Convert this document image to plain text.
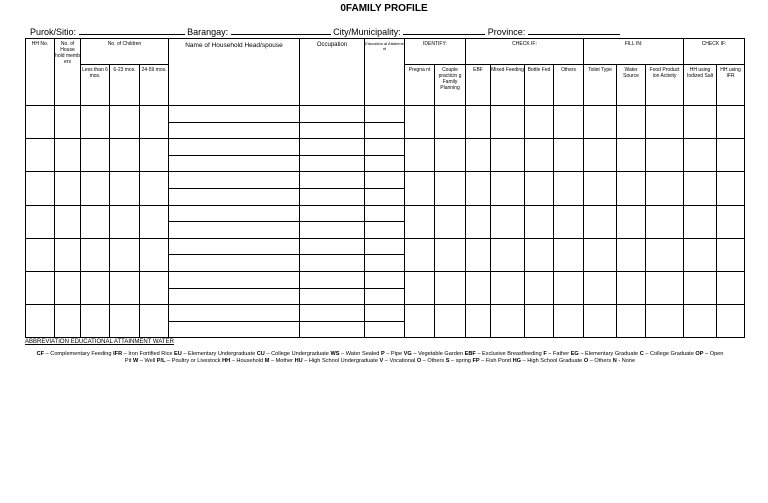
0FAMILY PROFILE
Purok/Sitio:	Barangay:	City/Municipality:	Province:
HH No.	No. of House hold memb ers	No. of Children			Name of Household Head/spouse	Occupation	Education al Attainme nt	IDENTIFY:		CHECK IF:				FILL IN:			CHECK IF:	
		Less than 6 mos.	6-23 mos.	24-59 mos.				Pregna nt	Couple practicin g Family Planning	EBF	Mixed Feeding	Bottle Fed	Others	Toilet Type	Water Source	Food Product ion Activity	HH using Iodized Salt	HH using IFR

ABBREVIATION EDUCATIONAL ATTAINMENT WATER
CF – Complementary Feeding IFR – Iron Fortified Rice EU – Elementary Undergraduate CU – College Undergraduate WS – Water Sealed P – Pipe VG – Vegetable Garden EBF – Exclusive Breastfeeding F – Father EG – Elementary Graduate C – College Graduate OP – Open Pit W – Well P/L – Poultry or Livestock HH – Household M – Mother HU – High School Undergraduate V – Vocational O – Others S – spring FP – Fish Pond HG – High School Graduate O – Others N - None
